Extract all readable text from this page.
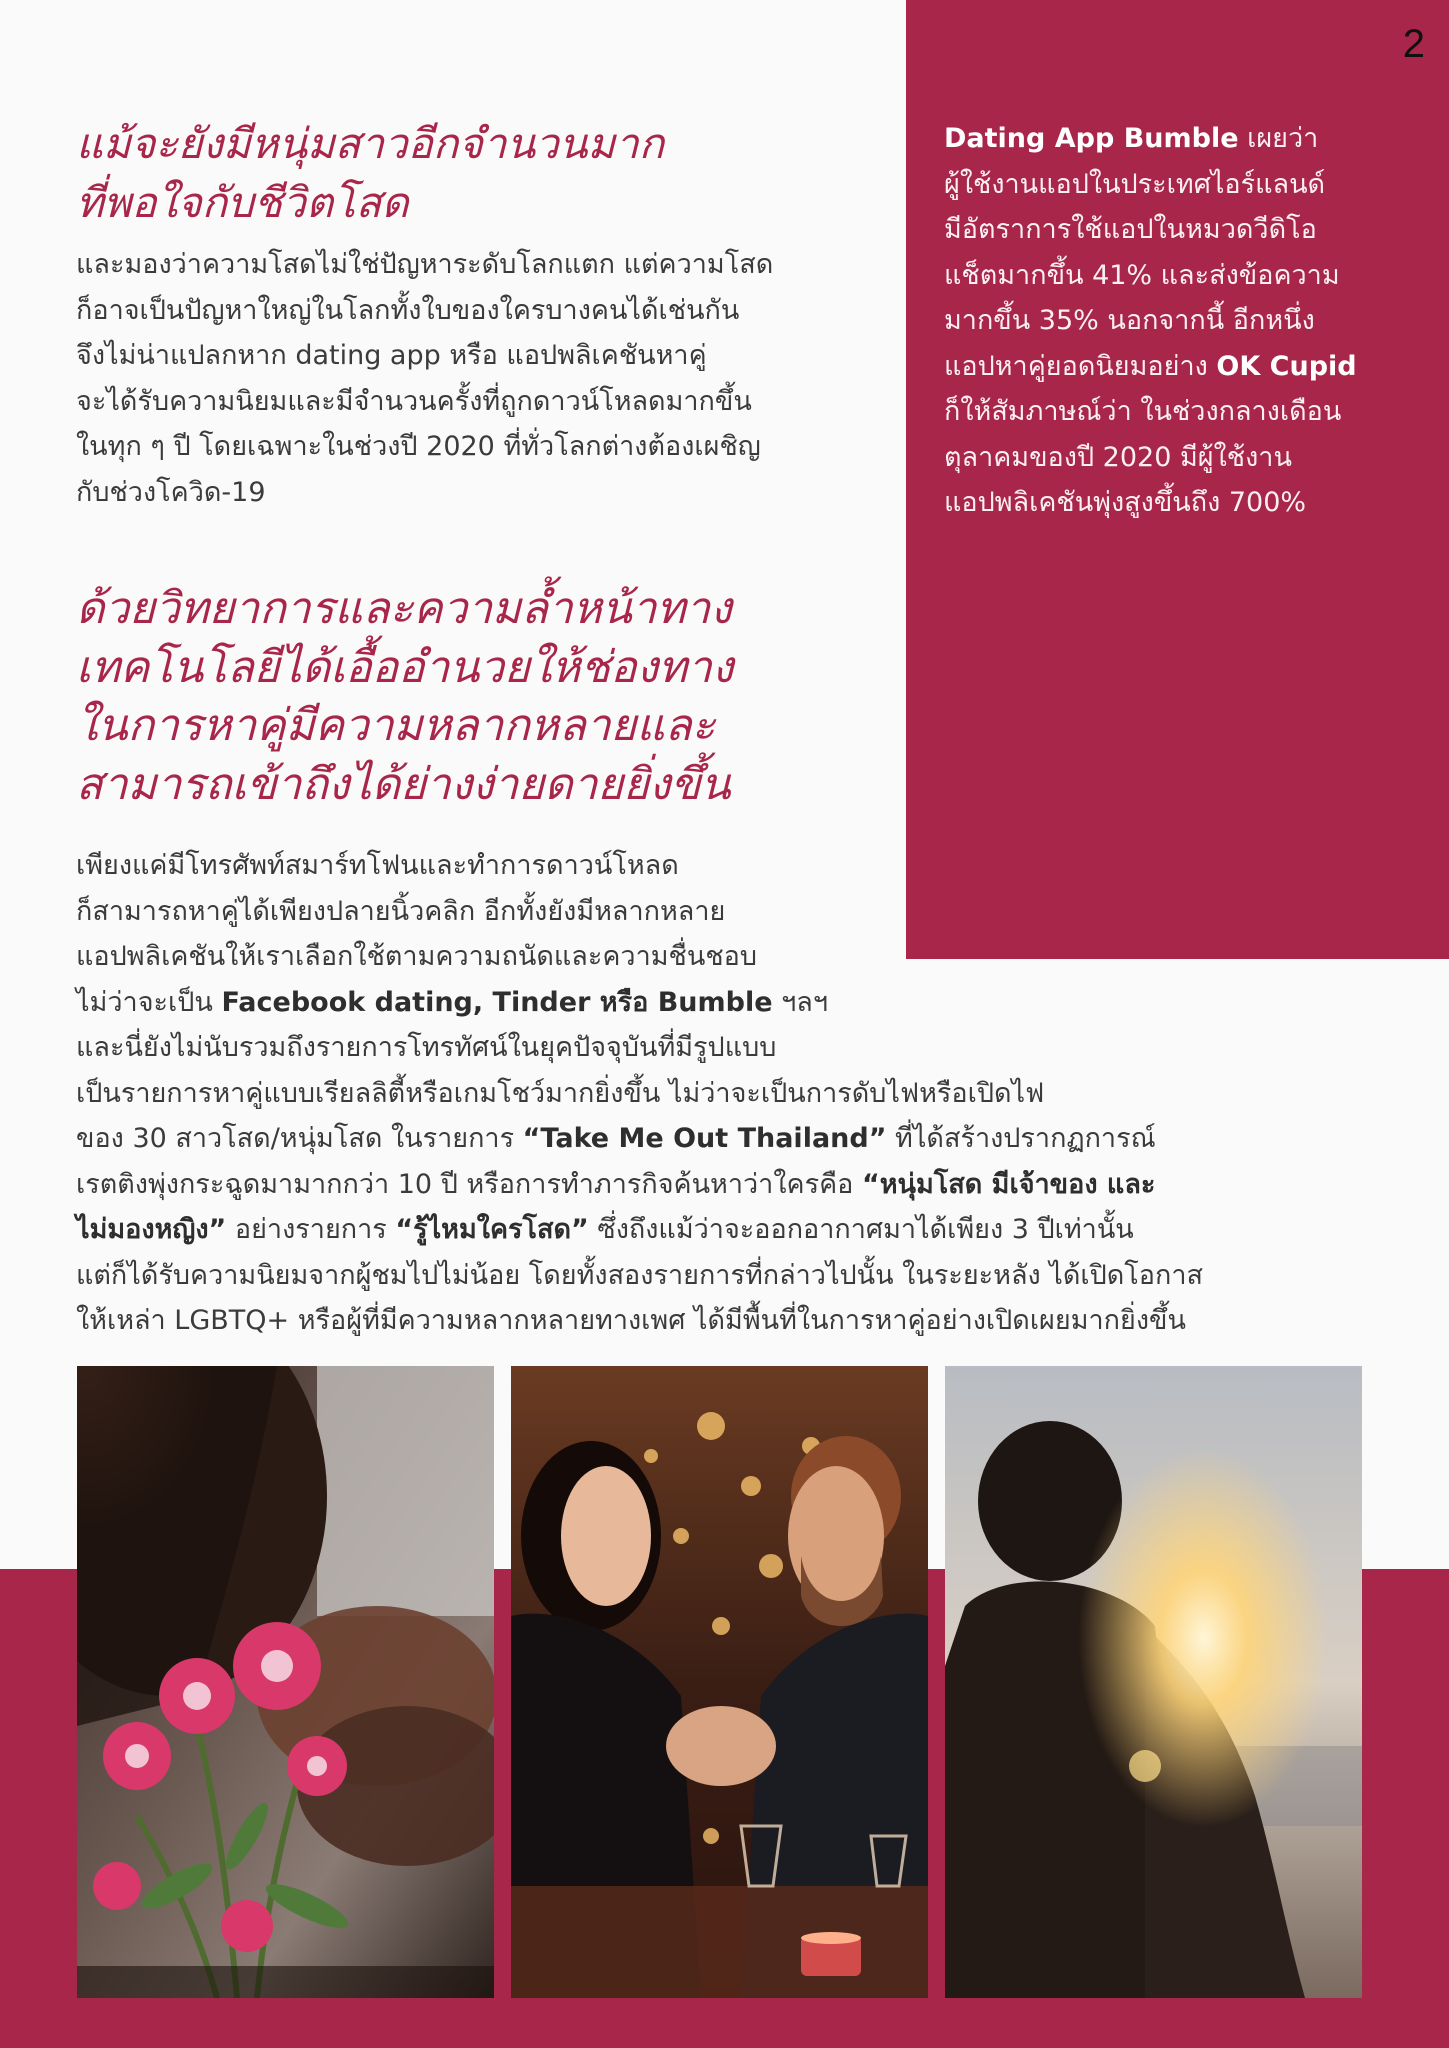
2

Dating App Bumble เผยว่า

ผู้ใช้งานแอปในประเทศไอร์แลนด์

มีอัตราการใช้แอปในหมวดวีดิโอ

แช็ตมากขึ้น 41% และส่งข้อความ

มากขึ้น 35% นอกจากนี้ อีกหนึ่ง

แอปหาคู่ยอดนิยมอย่าง OK Cupid

ก็ให้สัมภาษณ์ว่า ในช่วงกลางเดือน

ตุลาคมของปี 2020 มีผู้ใช้งาน

แอปพลิเคชันพุ่งสูงขึ้นถึง 700%

แม้จะยังมีหนุ่มสาวอีกจำนวนมาก

ที่พอใจกับชีวิตโสด

และมองว่าความโสดไม่ใช่ปัญหาระดับโลกแตก แต่ความโสด

ก็อาจเป็นปัญหาใหญ่ในโลกทั้งใบของใครบางคนได้เช่นกัน

จึงไม่น่าแปลกหาก dating app หรือ แอปพลิเคชันหาคู่

จะได้รับความนิยมและมีจำนวนครั้งที่ถูกดาวน์โหลดมากขึ้น

ในทุก ๆ ปี โดยเฉพาะในช่วงปี 2020 ที่ทั่วโลกต่างต้องเผชิญ

กับช่วงโควิด-19

ด้วยวิทยาการและความล้ำหน้าทาง

เทคโนโลยีได้เอื้ออำนวยให้ช่องทาง

ในการหาคู่มีความหลากหลายและ

สามารถเข้าถึงได้ย่างง่ายดายยิ่งขึ้น

เพียงแค่มีโทรศัพท์สมาร์ทโฟนและทำการดาวน์โหลด

ก็สามารถหาคู่ได้เพียงปลายนิ้วคลิก อีกทั้งยังมีหลากหลาย

แอปพลิเคชันให้เราเลือกใช้ตามความถนัดและความชื่นชอบ

ไม่ว่าจะเป็น Facebook dating, Tinder หรือ Bumble ฯลฯ

และนี่ยังไม่นับรวมถึงรายการโทรทัศน์ในยุคปัจจุบันที่มีรูปแบบ

เป็นรายการหาคู่แบบเรียลลิตี้หรือเกมโชว์มากยิ่งขึ้น ไม่ว่าจะเป็นการดับไฟหรือเปิดไฟ

ของ 30 สาวโสด/หนุ่มโสด ในรายการ “Take Me Out Thailand” ที่ได้สร้างปรากฏการณ์

เรตติงพุ่งกระฉูดมามากกว่า 10 ปี หรือการทำภารกิจค้นหาว่าใครคือ “หนุ่มโสด มีเจ้าของ และ

ไม่มองหญิง” อย่างรายการ “รู้ไหมใครโสด” ซึ่งถึงแม้ว่าจะออกอากาศมาได้เพียง 3 ปีเท่านั้น

แต่ก็ได้รับความนิยมจากผู้ชมไปไม่น้อย โดยทั้งสองรายการที่กล่าวไปนั้น ในระยะหลัง ได้เปิดโอกาส

ให้เหล่า LGBTQ+ หรือผู้ที่มีความหลากหลายทางเพศ ได้มีพื้นที่ในการหาคู่อย่างเปิดเผยมากยิ่งขึ้น
